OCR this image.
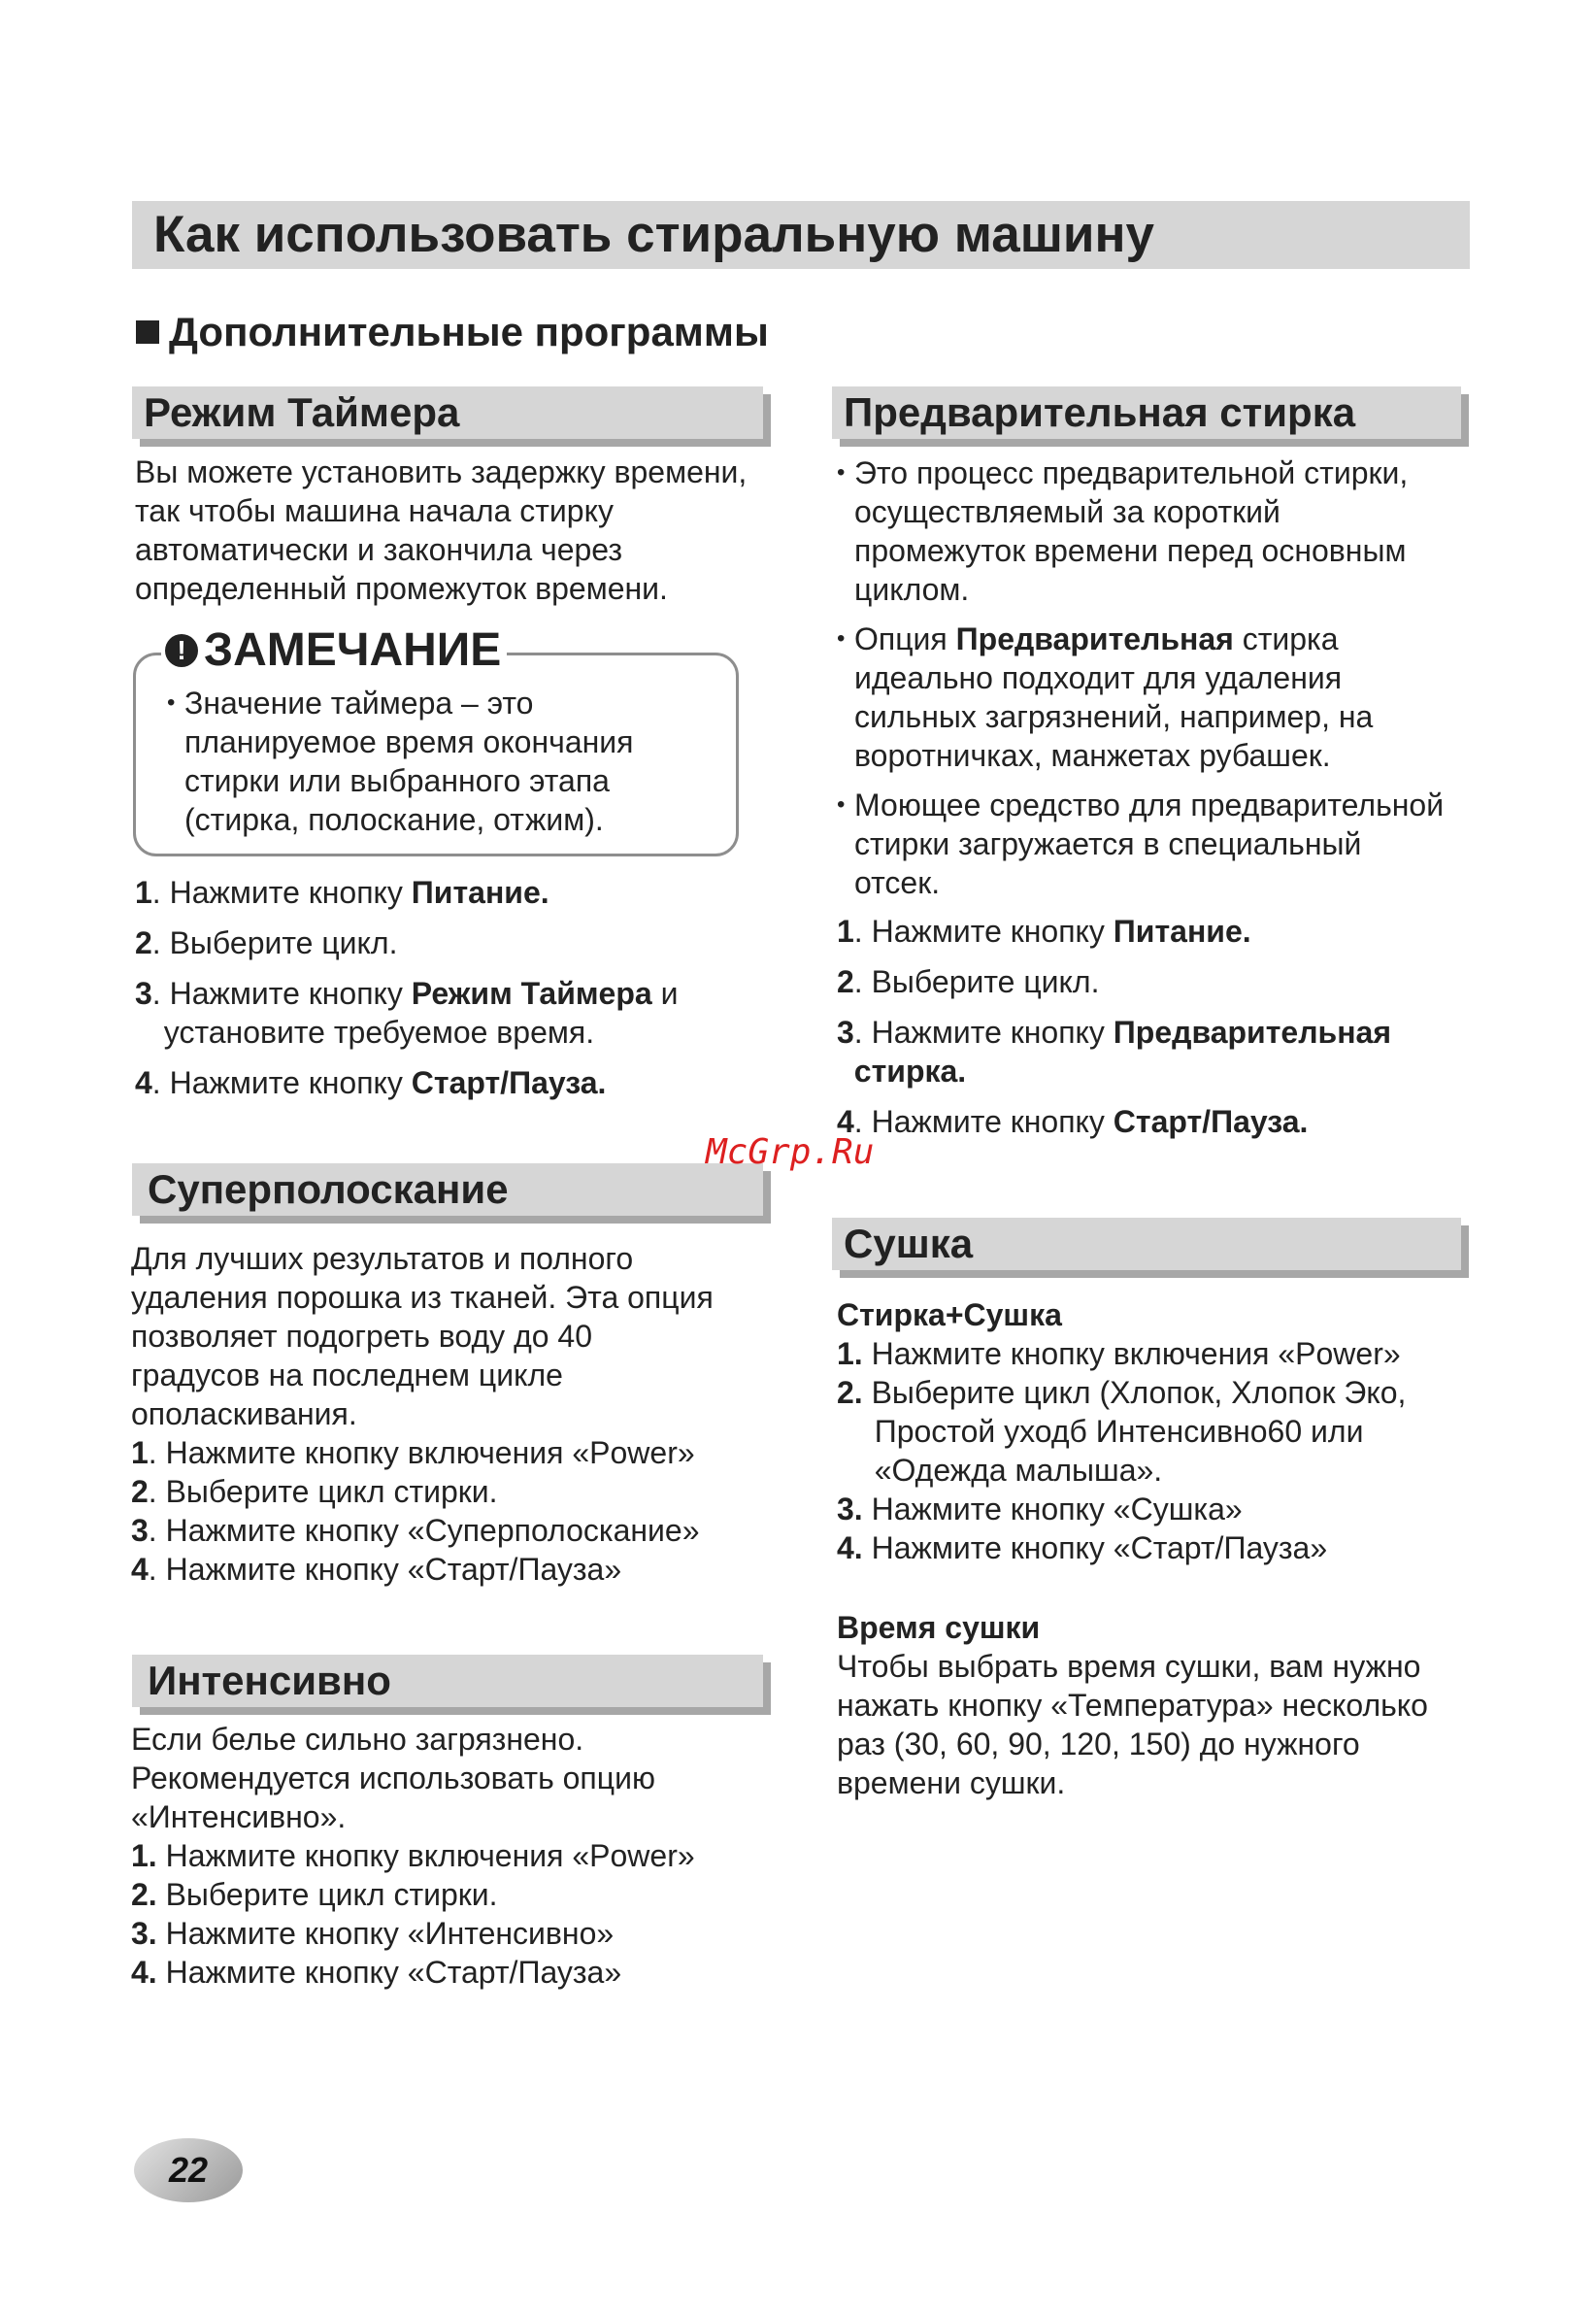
Как использовать стиральную машину
Дополнительные программы
Режим Таймера

Вы можете установить задержку времени,

так чтобы машина начала стирку

автоматически и закончила через

определенный промежуток времени.

! ЗАМЕЧАНИЕ
• Значение таймера – это
планируемое время окончания
стирки или выбранного этапа
(стирка, полоскание, отжим).
1 . Нажмите кнопку Питание.
2 . Выберите цикл.
3 . Нажмите кнопку Режим Таймера и
установите требуемое время.
4 . Нажмите кнопку Старт/Пауза.
Суперполоскание

Для лучших результатов и полного

удаления порошка из тканей. Эта опция

позволяет подогреть воду до 40

градусов на последнем цикле

ополаскивания.

1 . Нажмите кнопку включения «Power»
2 . Выберите цикл стирки.
3 . Нажмите кнопку «Суперполоскание»
4 . Нажмите кнопку «Старт/Пауза»
Интенсивно

Если белье сильно загрязнено.

Рекомендуется использовать опцию

«Интенсивно».

1. Нажмите кнопку включения «Power»
2. Выберите цикл стирки.
3. Нажмите кнопку «Интенсивно»
4. Нажмите кнопку «Старт/Пауза»
Предварительная стирка
• Это процесс предварительной стирки,
осуществляемый за короткий
промежуток времени перед основным
циклом.
• Опция Предварительная стирка
идеально подходит для удаления
сильных загрязнений, например, на
воротничках, манжетах рубашек.
• Моющее средство для предварительной
стирки загружается в специальный
отсек.
1 . Нажмите кнопку Питание.
2 . Выберите цикл.
3 . Нажмите кнопку Предварительная
стирка.
4 . Нажмите кнопку Старт/Пауза.
Сушка

Стирка+Сушка

1. Нажмите кнопку включения «Power»
2. Выберите цикл (Хлопок, Хлопок Эко,
Простой уходб Интенсивно60 или
«Одежда малыша».
3. Нажмите кнопку «Сушка»
4. Нажмите кнопку «Старт/Пауза»

Время сушки

Чтобы выбрать время сушки, вам нужно

нажать кнопку «Температура» несколько

раз (30, 60, 90, 120, 150) до нужного

времени сушки.

McGrp.Ru
22
